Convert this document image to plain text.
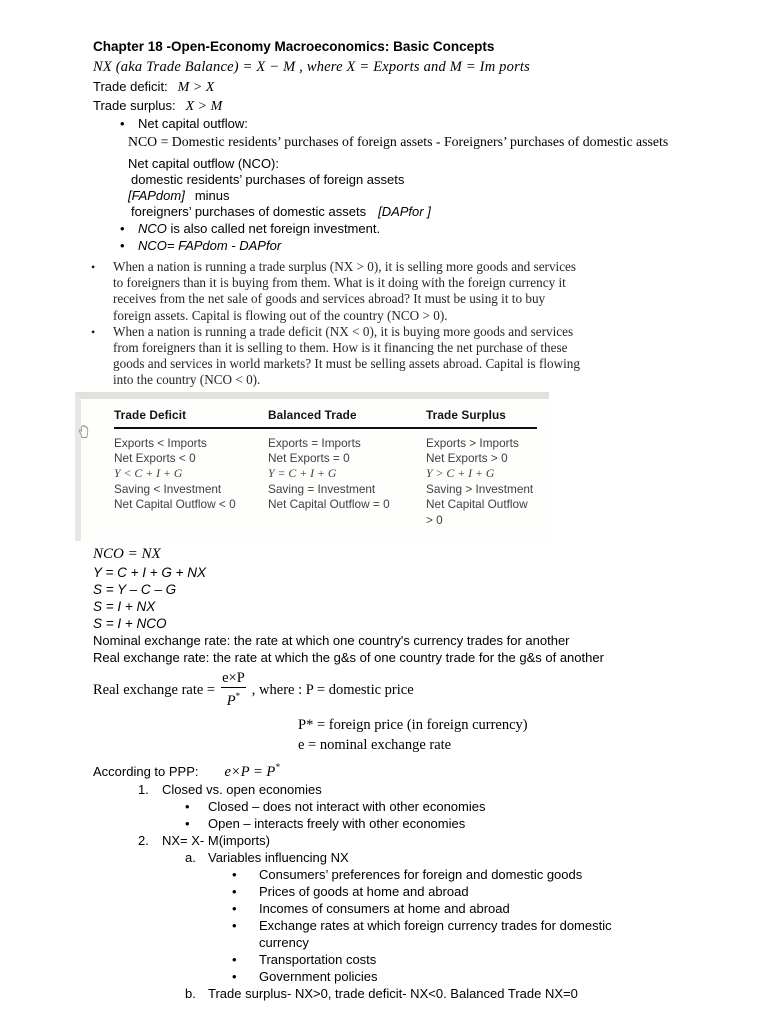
Chapter 18 -Open-Economy Macroeconomics: Basic Concepts
NX (aka Trade Balance) = X − M , where X = Exports and M = Im ports
Trade deficit: M > X
Trade surplus: X > M
•
Net capital outflow:
NCO = Domestic residents’ purchases of foreign assets - Foreigners’ purchases of domestic assets
Net capital outflow (NCO):
domestic residents’ purchases of foreign assets
[FAPdom] minus
foreigners’ purchases of domestic assets [DAPfor ]
•
NCO is also called net foreign investment.
•
NCO= FAPdom - DAPfor
•
When a nation is running a trade surplus (NX > 0), it is selling more goods and services to foreigners than it is buying from them. What is it doing with the foreign currency it receives from the net sale of goods and services abroad? It must be using it to buy foreign assets. Capital is flowing out of the country (NCO > 0).
•
When a nation is running a trade deficit (NX < 0), it is buying more goods and services from foreigners than it is selling to them. How is it financing the net purchase of these goods and services in world markets? It must be selling assets abroad. Capital is flowing into the country (NCO < 0).
Trade Deficit	Balanced Trade	Trade Surplus
Exports < Imports	Exports = Imports	Exports > Imports
Net Exports < 0	Net Exports = 0	Net Exports > 0
Y < C + I + G	Y = C + I + G	Y > C + I + G
Saving < Investment	Saving = Investment	Saving > Investment
Net Capital Outflow < 0	Net Capital Outflow = 0	Net Capital Outflow > 0
NCO = NX
Y = C + I + G + NX
S = Y – C – G
S = I + NX
S = I + NCO
Nominal exchange rate: the rate at which one country's currency trades for another
Real exchange rate: the rate at which the g&s of one country trade for the g&s of another
Real exchange rate = $\frac{e\times P}{P^*}$ , where : P = domestic price
P* = foreign price (in foreign currency)
e = nominal exchange rate
According to PPP: e×P = P*
1.	Closed vs. open economies
•
Closed – does not interact with other economies
•
Open – interacts freely with other economies
2.	NX= X- M(imports)
a. Variables influencing NX
•
Consumers’ preferences for foreign and domestic goods
•
Prices of goods at home and abroad
•
Incomes of consumers at home and abroad
•
Exchange rates at which foreign currency trades for domestic currency
•
Transportation costs
•
Government policies
b. Trade surplus- NX>0, trade deficit- NX<0. Balanced Trade NX=0
